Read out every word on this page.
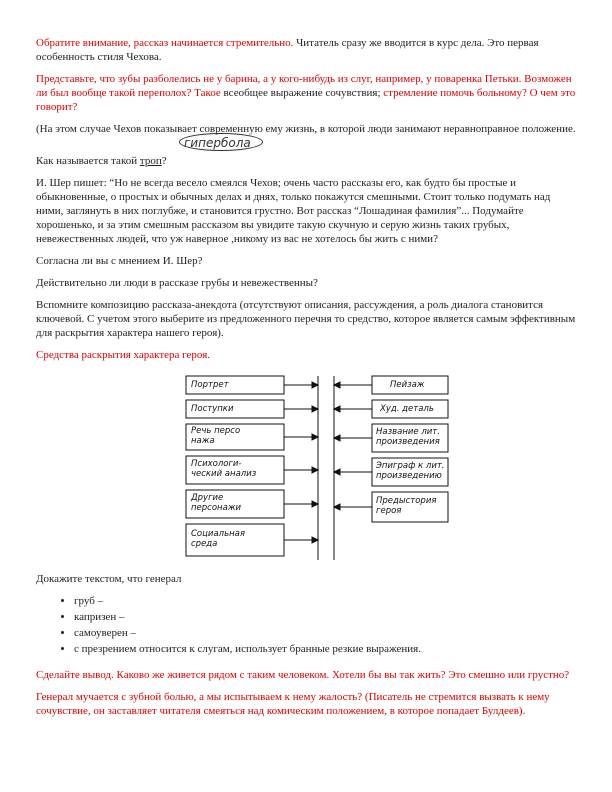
Обратите внимание, рассказ начинается стремительно. Читатель сразу же вводится в курс дела. Это первая особенность стиля Чехова.

Представьте, что зубы разболелись не у барина, а у кого-нибудь из слуг, например, у поваренка Петьки. Возможен ли был вообще такой переполох? Такое всеобщее выражение сочувствия; стремление помочь больному? О чем это говорит?

(На этом случае Чехов показывает современную ему жизнь, в которой люди занимают неравноправное положение.

гипербола
Как называется такой троп?

И. Шер пишет: “Но не всегда весело смеялся Чехов; очень часто рассказы его, как будто бы простые и обыкновенные, о простых и обычных делах и днях, только покажутся смешными. Стоит только подумать над ними, заглянуть в них поглубже, и становится грустно. Вот рассказ “Лошадиная фамилия”... Подумайте хорошенько, и за этим смешным рассказом вы увидите такую скучную и серую жизнь таких грубых, невежественных людей, что уж наверное ,никому из вас не хотелось бы жить с ними?

Согласна ли вы с мнением И. Шер?

Действительно ли люди в рассказе грубы и невежественны?

Вспомните композицию рассказа-анекдота (отсутствуют описания, рассуждения, а роль диалога становится ключевой. С учетом этого выберите из предложенного перечня то средство, которое является самым эффективным для раскрытия характера нашего героя).

Средства раскрытия характера героя.

Портрет
Поступки
Речь персо нажа
Психологи-ческий анализ
Другие персонажи
Социальная среда
Пейзаж
Худ. деталь
Название лит. произведения
Эпиграф к лит. произведению
Предыстория героя

Докажите текстом, что генерал

• груб –
• капризен –
• самоуверен –
• с презрением относится к слугам, использует бранные резкие выражения.

Сделайте вывод. Каково же живется рядом с таким человеком. Хотели бы вы так жить? Это смешно или грустно?

Генерал мучается с зубной болью, а мы испытываем к нему жалость? (Писатель не стремится вызвать к нему сочувствие, он заставляет читателя смеяться над комическим положением, в которое попадает Булдеев).
